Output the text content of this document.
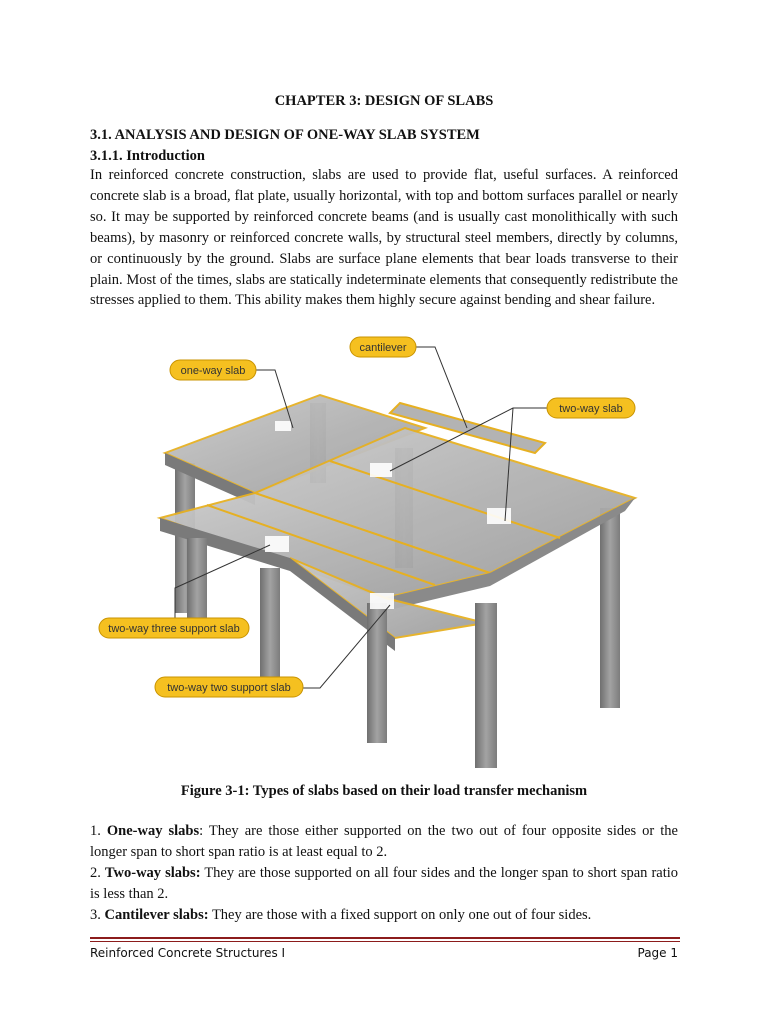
CHAPTER 3: DESIGN OF SLABS
3.1. ANALYSIS AND DESIGN OF ONE-WAY SLAB SYSTEM
3.1.1. Introduction

In reinforced concrete construction, slabs are used to provide flat, useful surfaces. A reinforced concrete slab is a broad, flat plate, usually horizontal, with top and bottom surfaces parallel or nearly so. It may be supported by reinforced concrete beams (and is usually cast monolithically with such beams), by masonry or reinforced concrete walls, by structural steel members, directly by columns, or continuously by the ground. Slabs are surface plane elements that bear loads transverse to their plain. Most of the times, slabs are statically indeterminate elements that consequently redistribute the stresses applied to them. This ability makes them highly secure against bending and shear failure.

cantilever
one-way slab
two-way slab
two-way three support slab
two-way two support slab
Figure 3-1: Types of slabs based on their load transfer mechanism

1. One-way slabs: They are those either supported on the two out of four opposite sides or the longer span to short span ratio is at least equal to 2.

2. Two-way slabs: They are those supported on all four sides and the longer span to short span ratio is less than 2.

3. Cantilever slabs: They are those with a fixed support on only one out of four sides.

Reinforced Concrete Structures I	Page 1
